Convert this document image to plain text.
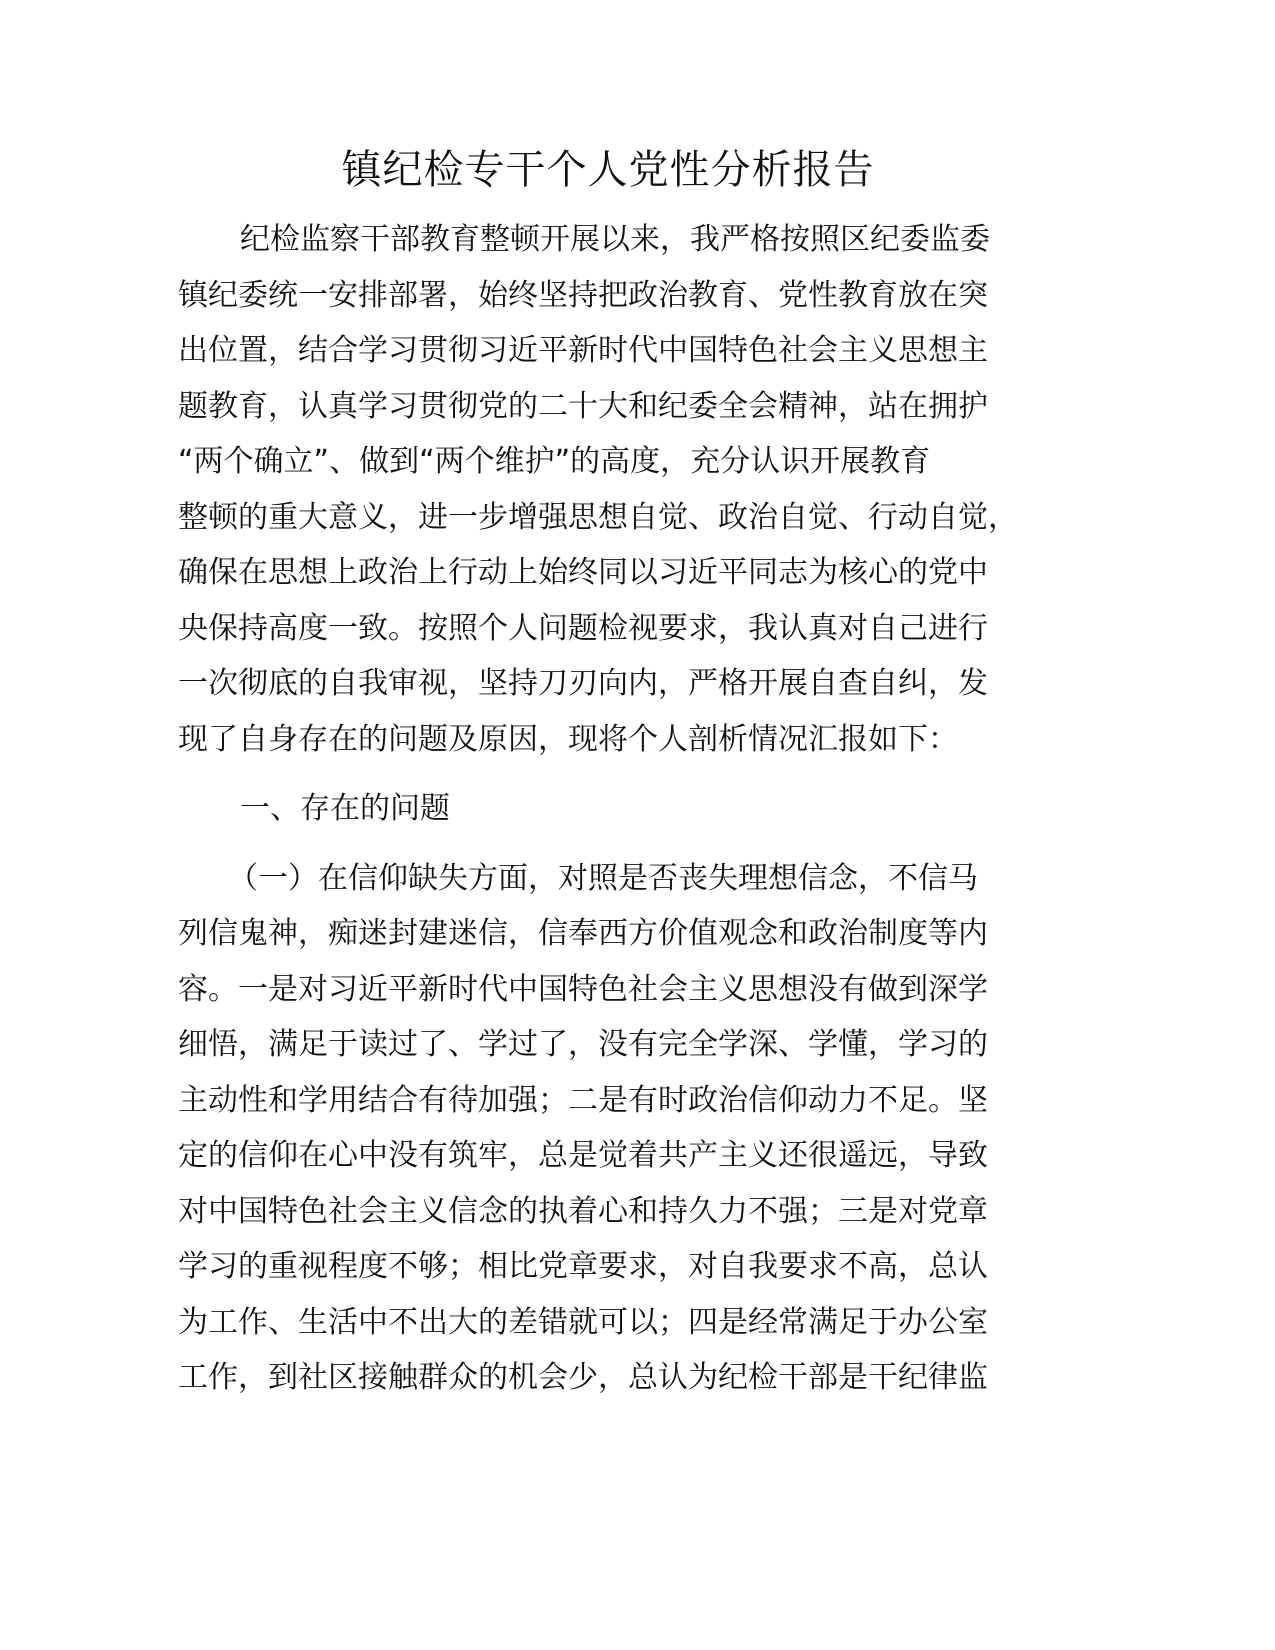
镇纪检专干个人党性分析报告
纪检监察干部教育整顿开展以来，我严格按照区纪委监委
镇纪委统一安排部署，始终坚持把政治教育、党性教育放在突
出位置，结合学习贯彻习近平新时代中国特色社会主义思想主
题教育，认真学习贯彻党的二十大和纪委全会精神，站在拥护
“两个确立”、做到“两个维护”的高度，充分认识开展教育
整顿的重大意义，进一步增强思想自觉、政治自觉、行动自觉，
确保在思想上政治上行动上始终同以习近平同志为核心的党中
央保持高度一致。按照个人问题检视要求，我认真对自己进行
一次彻底的自我审视，坚持刀刃向内，严格开展自查自纠，发
现了自身存在的问题及原因，现将个人剖析情况汇报如下：
一、存在的问题
（一）在信仰缺失方面，对照是否丧失理想信念，不信马
列信鬼神，痴迷封建迷信，信奉西方价值观念和政治制度等内
容。一是对习近平新时代中国特色社会主义思想没有做到深学
细悟，满足于读过了、学过了，没有完全学深、学懂，学习的
主动性和学用结合有待加强；二是有时政治信仰动力不足。坚
定的信仰在心中没有筑牢，总是觉着共产主义还很遥远，导致
对中国特色社会主义信念的执着心和持久力不强；三是对党章
学习的重视程度不够；相比党章要求，对自我要求不高，总认
为工作、生活中不出大的差错就可以；四是经常满足于办公室
工作，到社区接触群众的机会少，总认为纪检干部是干纪律监
